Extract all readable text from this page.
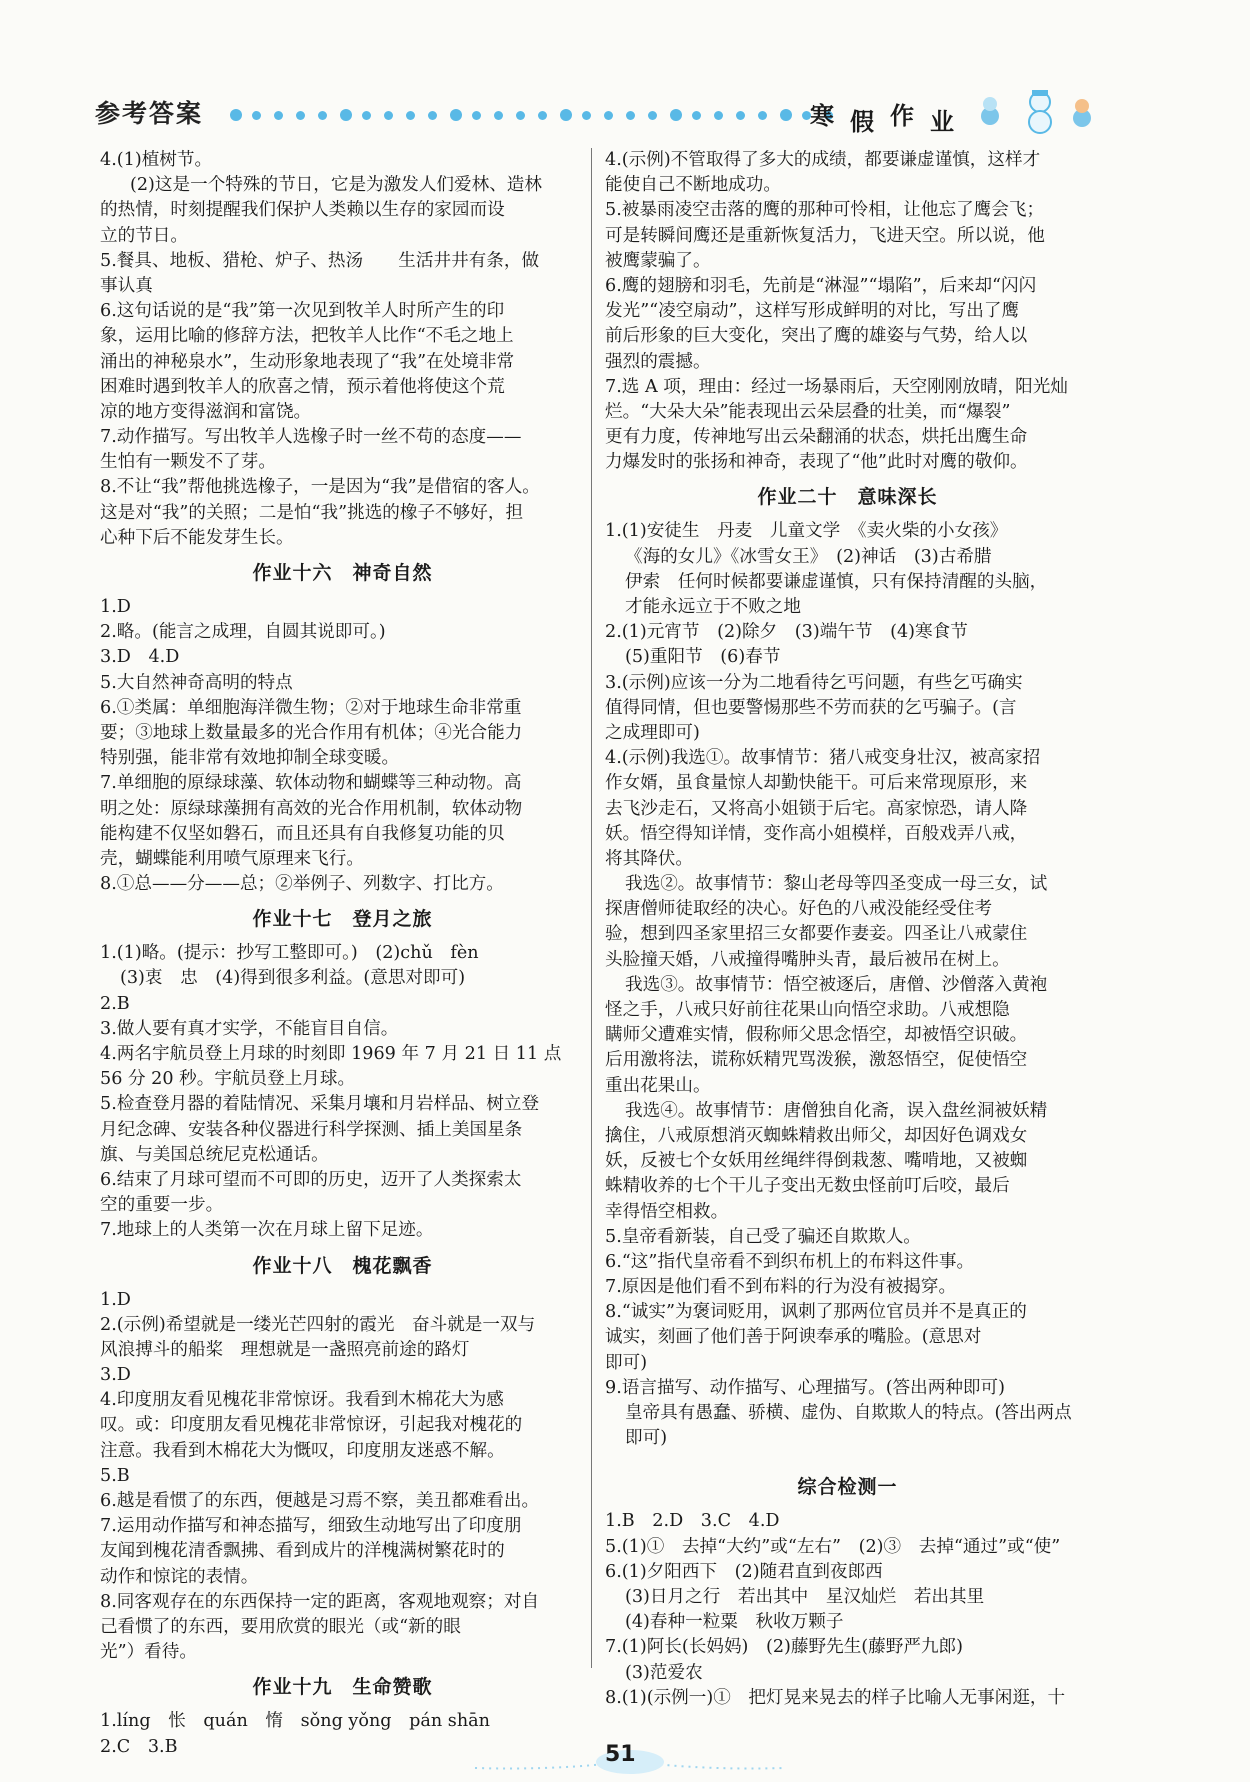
参考答案	寒 假 作 业
4.(1)植树节。
(2)这是一个特殊的节日，它是为激发人们爱林、造林
的热情，时刻提醒我们保护人类赖以生存的家园而设
立的节日。
5.餐具、地板、猎枪、炉子、热汤　　生活井井有条，做
事认真
6.这句话说的是“我”第一次见到牧羊人时所产生的印
象，运用比喻的修辞方法，把牧羊人比作“不毛之地上
涌出的神秘泉水”，生动形象地表现了“我”在处境非常
困难时遇到牧羊人的欣喜之情，预示着他将使这个荒
凉的地方变得滋润和富饶。
7.动作描写。写出牧羊人选橡子时一丝不苟的态度——
生怕有一颗发不了芽。
8.不让“我”帮他挑选橡子，一是因为“我”是借宿的客人。
这是对“我”的关照；二是怕“我”挑选的橡子不够好，担
心种下后不能发芽生长。
作业十六　神奇自然
1.D
2.略。(能言之成理，自圆其说即可。)
3.D　4.D
5.大自然神奇高明的特点
6.①类属：单细胞海洋微生物；②对于地球生命非常重
要；③地球上数量最多的光合作用有机体；④光合能力
特别强，能非常有效地抑制全球变暖。
7.单细胞的原绿球藻、软体动物和蝴蝶等三种动物。高
明之处：原绿球藻拥有高效的光合作用机制，软体动物
能构建不仅坚如磐石，而且还具有自我修复功能的贝
壳，蝴蝶能利用喷气原理来飞行。
8.①总——分——总；②举例子、列数字、打比方。
作业十七　登月之旅
1.(1)略。(提示：抄写工整即可。)　(2)chǔ　fèn
(3)衷　忠　(4)得到很多利益。(意思对即可)
2.B
3.做人要有真才实学，不能盲目自信。
4.两名宇航员登上月球的时刻即 1969 年 7 月 21 日 11 点
56 分 20 秒。宇航员登上月球。
5.检查登月器的着陆情况、采集月壤和月岩样品、树立登
月纪念碑、安装各种仪器进行科学探测、插上美国星条
旗、与美国总统尼克松通话。
6.结束了月球可望而不可即的历史，迈开了人类探索太
空的重要一步。
7.地球上的人类第一次在月球上留下足迹。
作业十八　槐花飘香
1.D
2.(示例)希望就是一缕光芒四射的霞光　奋斗就是一双与
风浪搏斗的船桨　理想就是一盏照亮前途的路灯
3.D
4.印度朋友看见槐花非常惊讶。我看到木棉花大为感
叹。或：印度朋友看见槐花非常惊讶，引起我对槐花的
注意。我看到木棉花大为慨叹，印度朋友迷惑不解。
5.B
6.越是看惯了的东西，便越是习焉不察，美丑都难看出。
7.运用动作描写和神态描写，细致生动地写出了印度朋
友闻到槐花清香飘拂、看到成片的洋槐满树繁花时的
动作和惊诧的表情。
8.同客观存在的东西保持一定的距离，客观地观察；对自
己看惯了的东西，要用欣赏的眼光（或“新的眼
光”）看待。
作业十九　生命赞歌
1.líng　怅　quán　惰　sǒng yǒng　pán shān
2.C　3.B
4.(示例)不管取得了多大的成绩，都要谦虚谨慎，这样才
能使自己不断地成功。
5.被暴雨凌空击落的鹰的那种可怜相，让他忘了鹰会飞；
可是转瞬间鹰还是重新恢复活力，飞进天空。所以说，他
被鹰蒙骗了。
6.鹰的翅膀和羽毛，先前是“淋湿”“塌陷”，后来却“闪闪
发光”“凌空扇动”，这样写形成鲜明的对比，写出了鹰
前后形象的巨大变化，突出了鹰的雄姿与气势，给人以
强烈的震撼。
7.选 A 项，理由：经过一场暴雨后，天空刚刚放晴，阳光灿
烂。“大朵大朵”能表现出云朵层叠的壮美，而“爆裂”
更有力度，传神地写出云朵翻涌的状态，烘托出鹰生命
力爆发时的张扬和神奇，表现了“他”此时对鹰的敬仰。
作业二十　意味深长
1.(1)安徒生　丹麦　儿童文学　《卖火柴的小女孩》
《海的女儿》《冰雪女王》　(2)神话　(3)古希腊
伊索　任何时候都要谦虚谨慎，只有保持清醒的头脑，
才能永远立于不败之地
2.(1)元宵节　(2)除夕　(3)端午节　(4)寒食节
(5)重阳节　(6)春节
3.(示例)应该一分为二地看待乞丐问题，有些乞丐确实
值得同情，但也要警惕那些不劳而获的乞丐骗子。(言
之成理即可)
4.(示例)我选①。故事情节：猪八戒变身壮汉，被高家招
作女婿，虽食量惊人却勤快能干。可后来常现原形，来
去飞沙走石，又将高小姐锁于后宅。高家惊恐，请人降
妖。悟空得知详情，变作高小姐模样，百般戏弄八戒，
将其降伏。
我选②。故事情节：黎山老母等四圣变成一母三女，试
探唐僧师徒取经的决心。好色的八戒没能经受住考
验，想到四圣家里招三女都要作妻妾。四圣让八戒蒙住
头脸撞天婚，八戒撞得嘴肿头青，最后被吊在树上。
我选③。故事情节：悟空被逐后，唐僧、沙僧落入黄袍
怪之手，八戒只好前往花果山向悟空求助。八戒想隐
瞒师父遭难实情，假称师父思念悟空，却被悟空识破。
后用激将法，谎称妖精咒骂泼猴，激怒悟空，促使悟空
重出花果山。
我选④。故事情节：唐僧独自化斋，误入盘丝洞被妖精
擒住，八戒原想消灭蜘蛛精救出师父，却因好色调戏女
妖，反被七个女妖用丝绳绊得倒栽葱、嘴啃地，又被蜘
蛛精收养的七个干儿子变出无数虫怪前叮后咬，最后
幸得悟空相救。
5.皇帝看新装，自己受了骗还自欺欺人。
6.“这”指代皇帝看不到织布机上的布料这件事。
7.原因是他们看不到布料的行为没有被揭穿。
8.“诚实”为褒词贬用，讽刺了那两位官员并不是真正的
诚实，刻画了他们善于阿谀奉承的嘴脸。(意思对
即可)
9.语言描写、动作描写、心理描写。(答出两种即可)
皇帝具有愚蠢、骄横、虚伪、自欺欺人的特点。(答出两点
即可)
综合检测一
1.B　2.D　3.C　4.D
5.(1)①　去掉“大约”或“左右”　(2)③　去掉“通过”或“使”
6.(1)夕阳西下　(2)随君直到夜郎西
(3)日月之行　若出其中　星汉灿烂　若出其里
(4)春种一粒粟　秋收万颗子
7.(1)阿长(长妈妈)　(2)藤野先生(藤野严九郎)
(3)范爱农
8.(1)(示例一)①　把灯晃来晃去的样子比喻人无事闲逛，十
51
